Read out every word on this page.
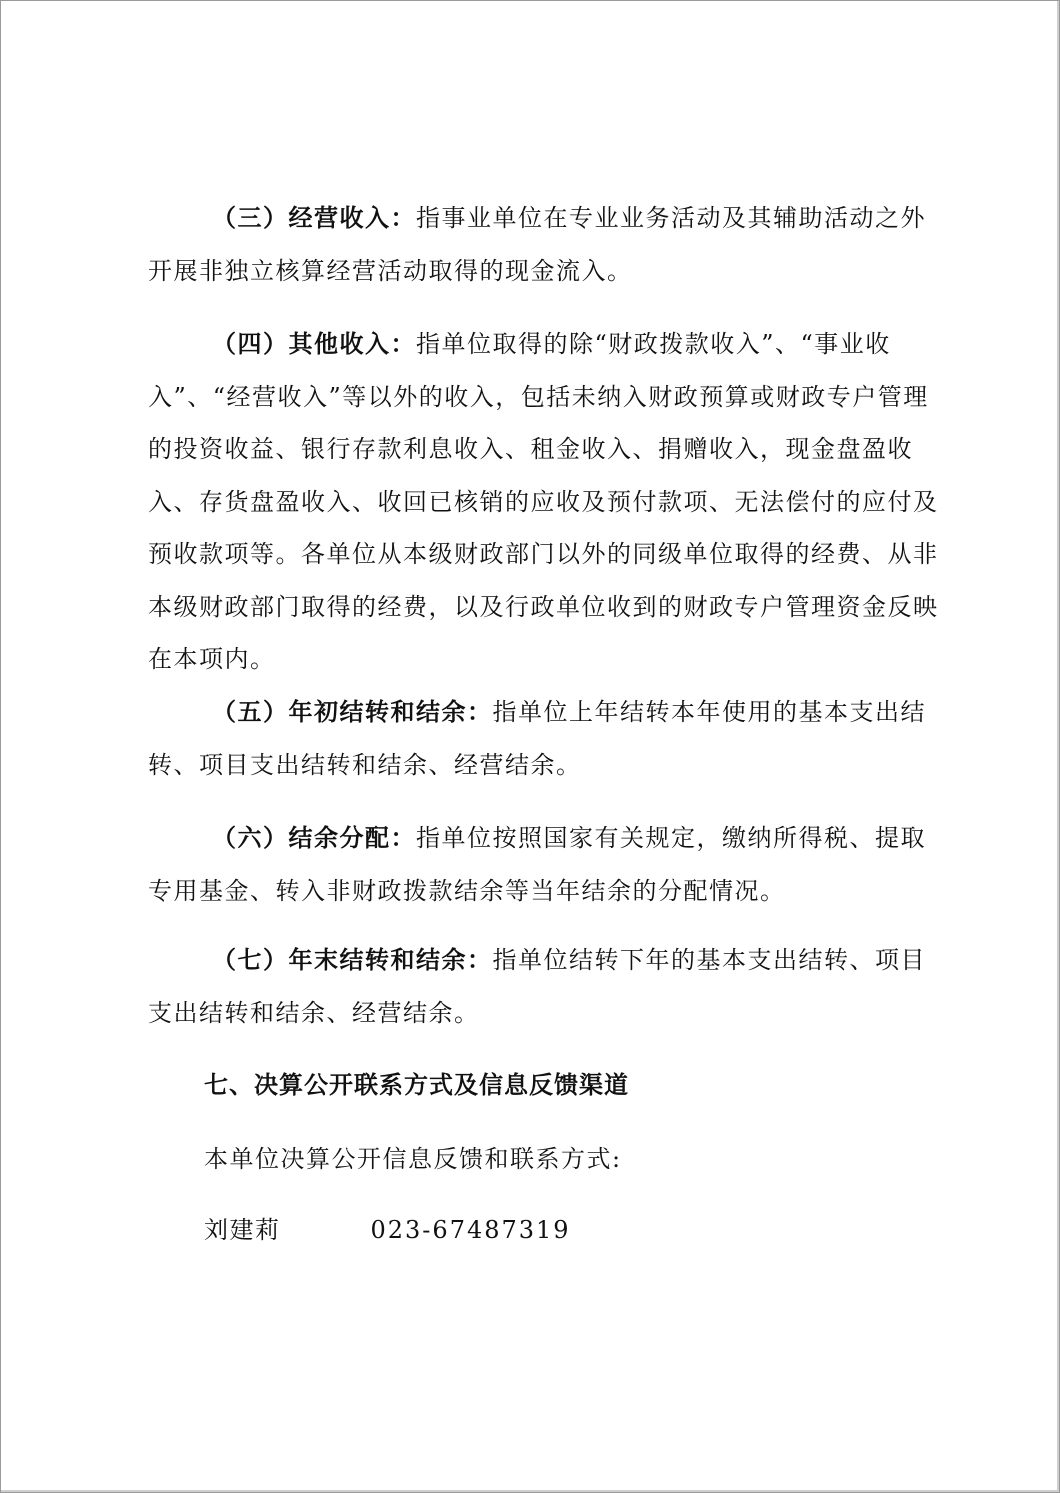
（三）经营收入：指事业单位在专业业务活动及其辅助活动之外开展非独立核算经营活动取得的现金流入。

（四）其他收入：指单位取得的除“财政拨款收入”、“事业收入”、“经营收入”等以外的收入，包括未纳入财政预算或财政专户管理的投资收益、银行存款利息收入、租金收入、捐赠收入，现金盘盈收入、存货盘盈收入、收回已核销的应收及预付款项、无法偿付的应付及预收款项等。各单位从本级财政部门以外的同级单位取得的经费、从非本级财政部门取得的经费，以及行政单位收到的财政专户管理资金反映在本项内。

（五）年初结转和结余：指单位上年结转本年使用的基本支出结转、项目支出结转和结余、经营结余。

（六）结余分配：指单位按照国家有关规定，缴纳所得税、提取专用基金、转入非财政拨款结余等当年结余的分配情况。

（七）年末结转和结余：指单位结转下年的基本支出结转、项目支出结转和结余、经营结余。

七、决算公开联系方式及信息反馈渠道
本单位决算公开信息反馈和联系方式:
刘建莉	023-67487319
